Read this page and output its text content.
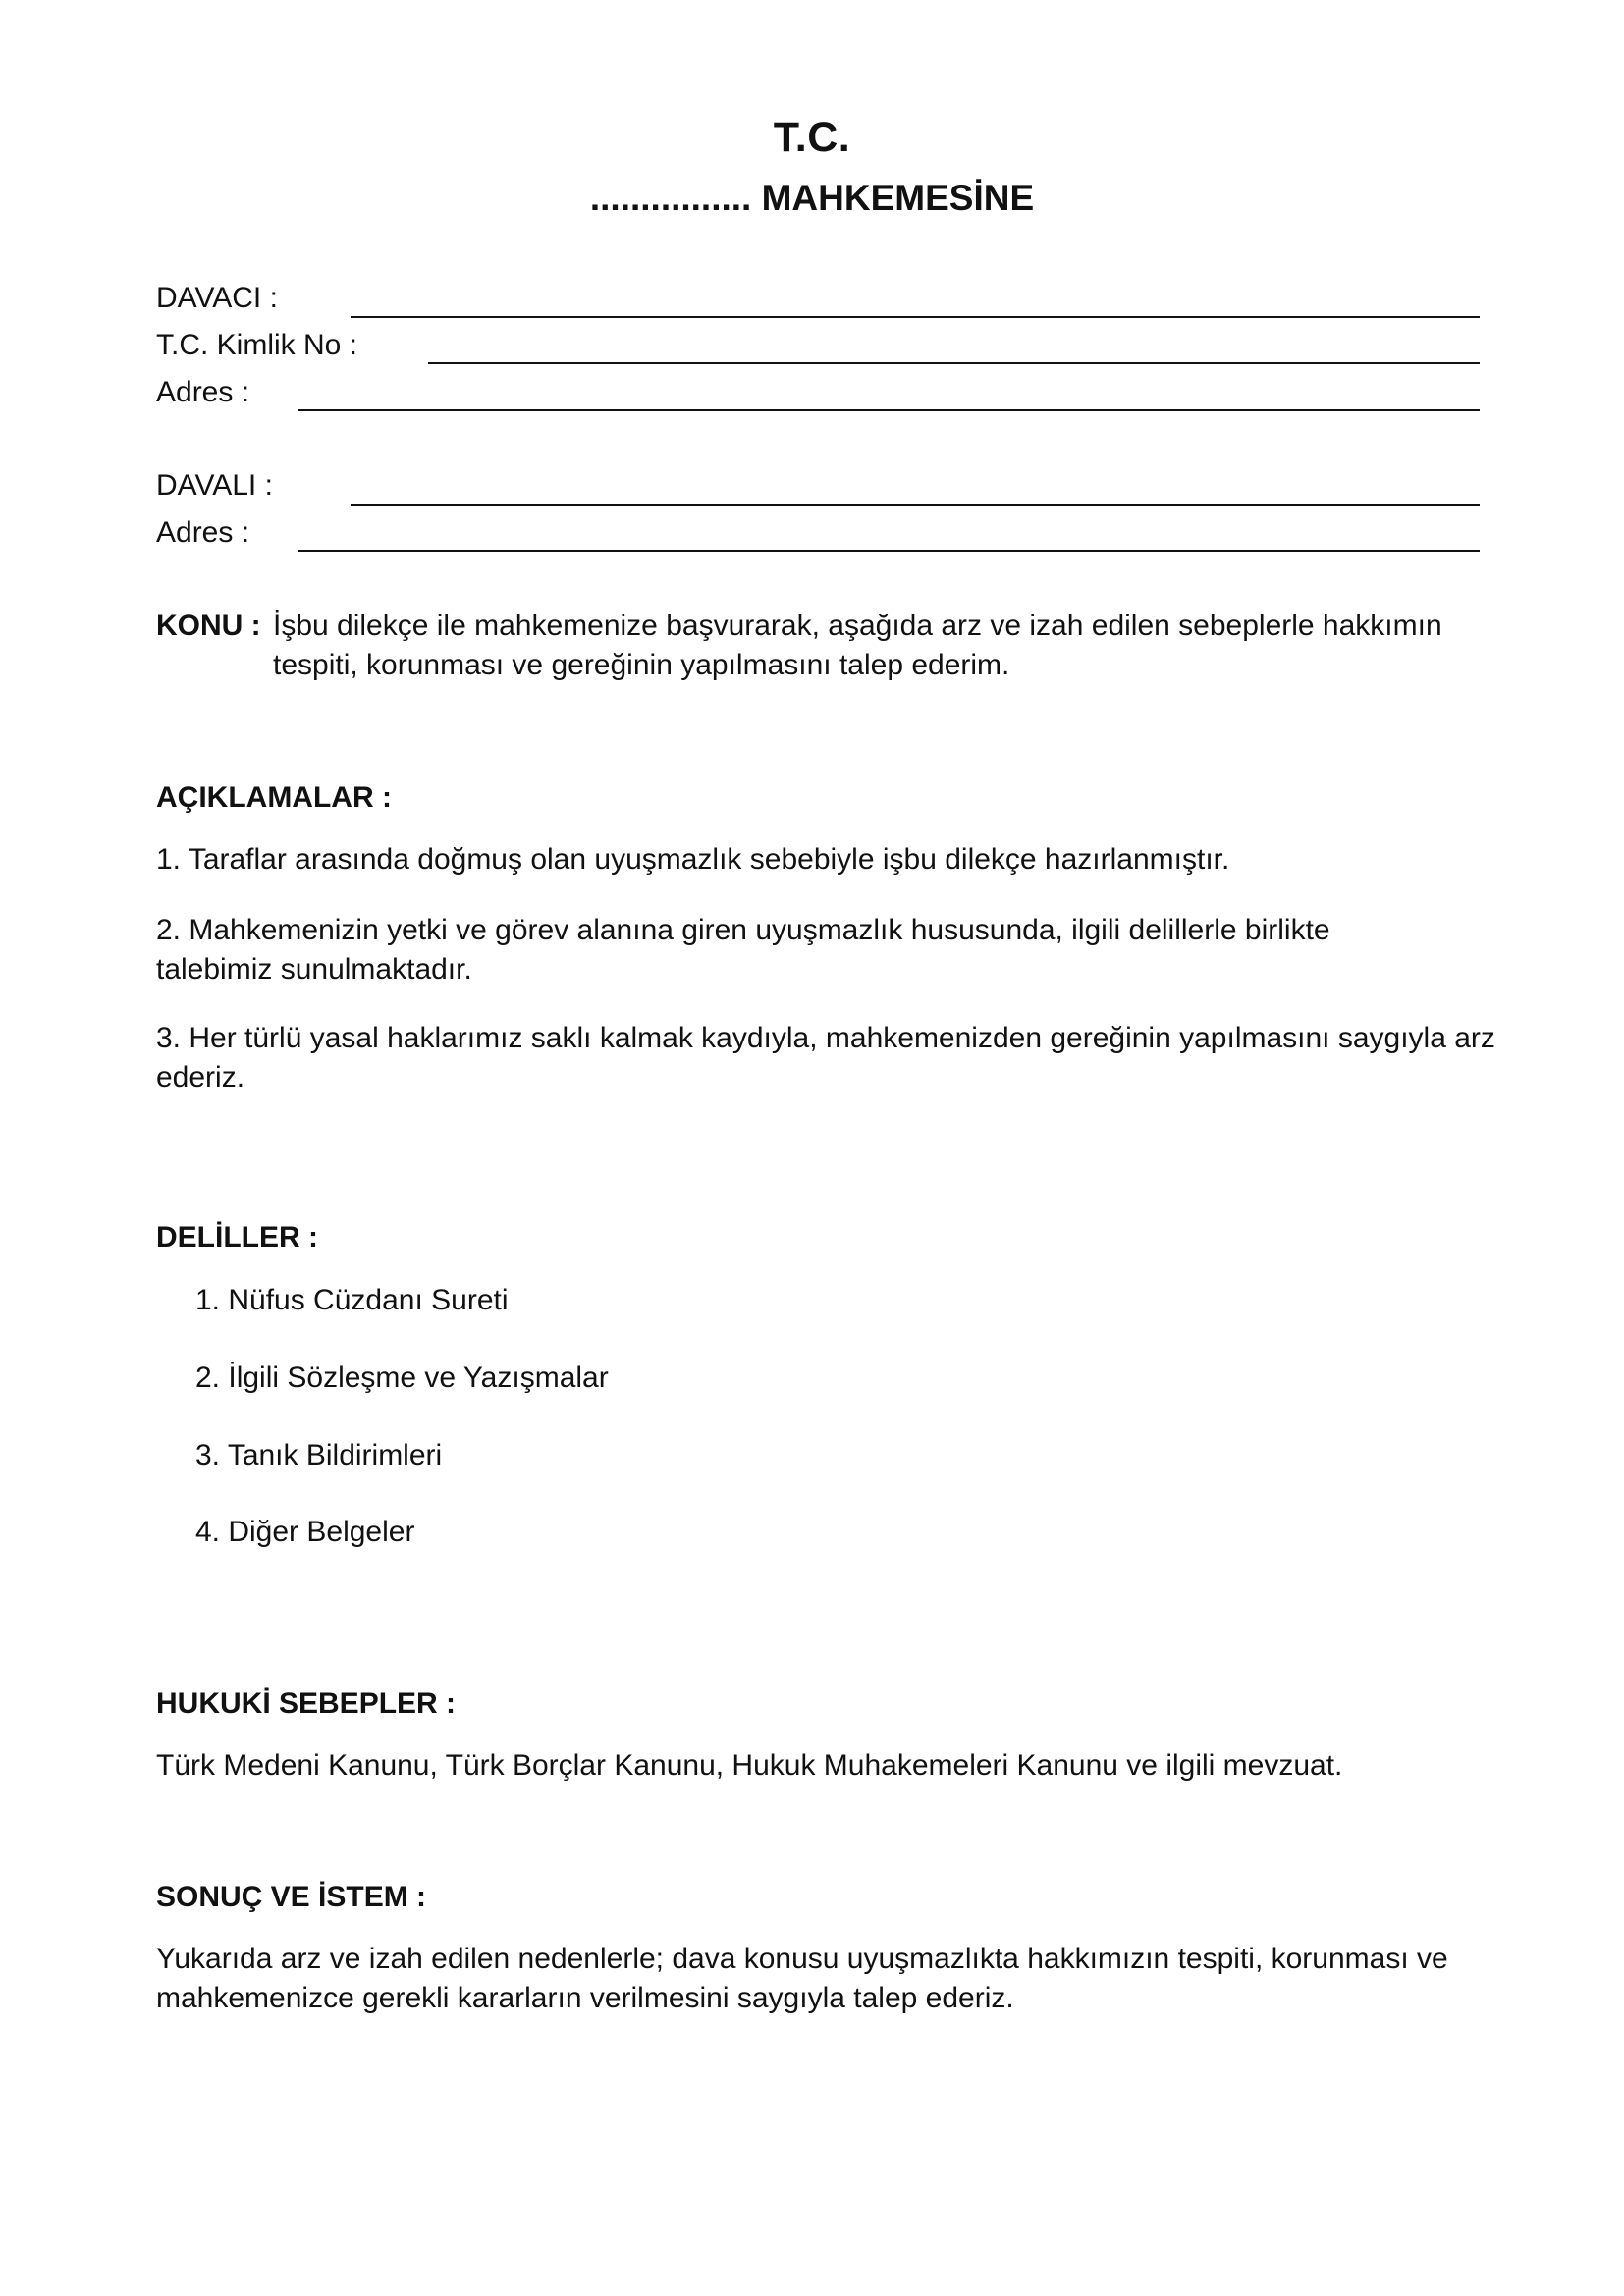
T.C.
................ MAHKEMESİNE
DAVACI :
T.C. Kimlik No :
Adres :
DAVALI :
Adres :
KONU : İşbu dilekçe ile mahkemenize başvurarak, aşağıda arz ve izah edilen sebeplerle hakkımın tespiti, korunması ve gereğinin yapılmasını talep ederim.
AÇIKLAMALAR :
1. Taraflar arasında doğmuş olan uyuşmazlık sebebiyle işbu dilekçe hazırlanmıştır.
2. Mahkemenizin yetki ve görev alanına giren uyuşmazlık hususunda, ilgili delillerle birlikte talebimiz sunulmaktadır.
3. Her türlü yasal haklarımız saklı kalmak kaydıyla, mahkemenizden gereğinin yapılmasını saygıyla arz ederiz.
DELİLLER :
1. Nüfus Cüzdanı Sureti
2. İlgili Sözleşme ve Yazışmalar
3. Tanık Bildirimleri
4. Diğer Belgeler
HUKUKİ SEBEPLER :
Türk Medeni Kanunu, Türk Borçlar Kanunu, Hukuk Muhakemeleri Kanunu ve ilgili mevzuat.
SONUÇ VE İSTEM :
Yukarıda arz ve izah edilen nedenlerle; dava konusu uyuşmazlıkta hakkımızın tespiti, korunması ve mahkemenizce gerekli kararların verilmesini saygıyla talep ederiz.
